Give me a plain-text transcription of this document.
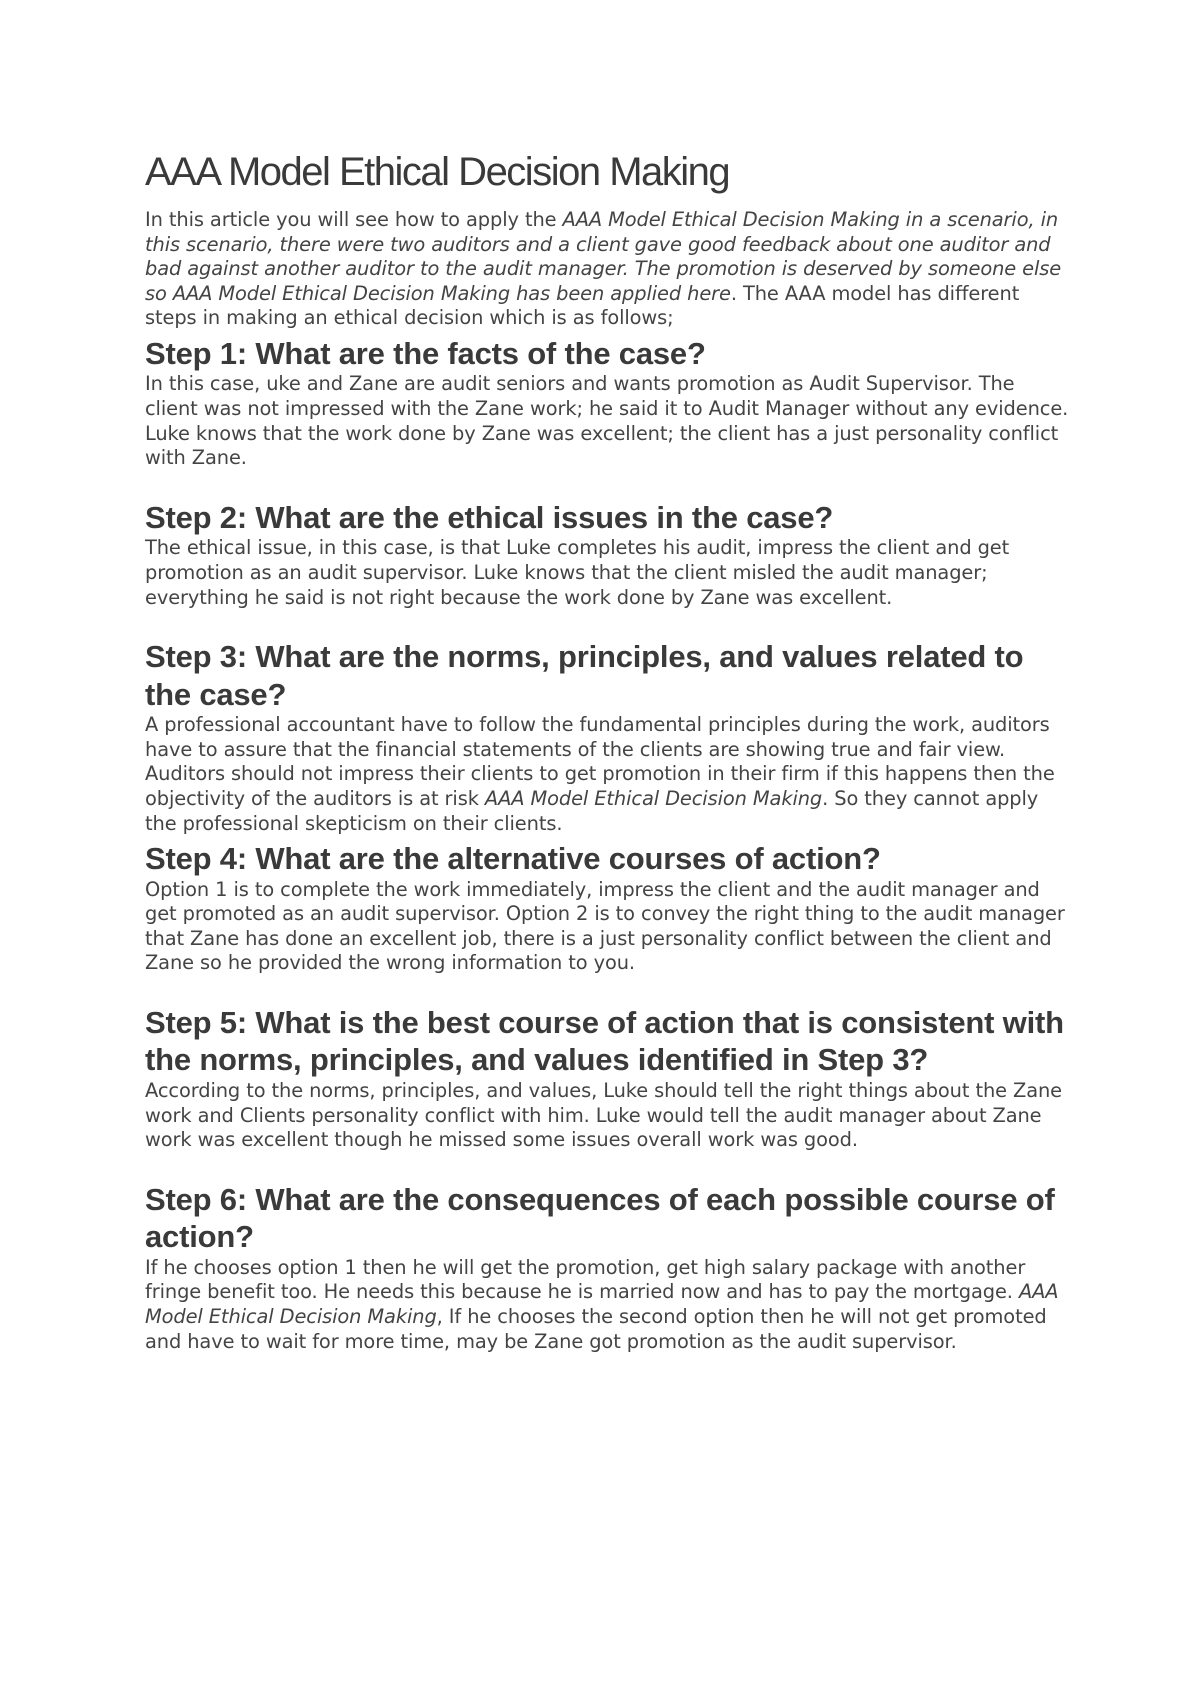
AAA Model Ethical Decision Making

In this article you will see how to apply the AAA Model Ethical Decision Making in a scenario, in this scenario, there were two auditors and a client gave good feedback about one auditor and bad against another auditor to the audit manager. The promotion is deserved by someone else so AAA Model Ethical Decision Making has been applied here. The AAA model has different steps in making an ethical decision which is as follows;

Step 1: What are the facts of the case?

In this case, uke and Zane are audit seniors and wants promotion as Audit Supervisor. The client was not impressed with the Zane work; he said it to Audit Manager without any evidence. Luke knows that the work done by Zane was excellent; the client has a just personality conflict with Zane.

Step 2: What are the ethical issues in the case?

The ethical issue, in this case, is that Luke completes his audit, impress the client and get promotion as an audit supervisor. Luke knows that the client misled the audit manager; everything he said is not right because the work done by Zane was excellent.

Step 3: What are the norms, principles, and values related to the case?

A professional accountant have to follow the fundamental principles during the work, auditors have to assure that the financial statements of the clients are showing true and fair view. Auditors should not impress their clients to get promotion in their firm if this happens then the objectivity of the auditors is at risk AAA Model Ethical Decision Making. So they cannot apply the professional skepticism on their clients.

Step 4: What are the alternative courses of action?

Option 1 is to complete the work immediately, impress the client and the audit manager and get promoted as an audit supervisor. Option 2 is to convey the right thing to the audit manager that Zane has done an excellent job, there is a just personality conflict between the client and Zane so he provided the wrong information to you.

Step 5: What is the best course of action that is consistent with the norms, principles, and values identified in Step 3?

According to the norms, principles, and values, Luke should tell the right things about the Zane work and Clients personality conflict with him. Luke would tell the audit manager about Zane work was excellent though he missed some issues overall work was good.

Step 6: What are the consequences of each possible course of action?

If he chooses option 1 then he will get the promotion, get high salary package with another fringe benefit too. He needs this because he is married now and has to pay the mortgage. AAA Model Ethical Decision Making, If he chooses the second option then he will not get promoted and have to wait for more time, may be Zane got promotion as the audit supervisor.
